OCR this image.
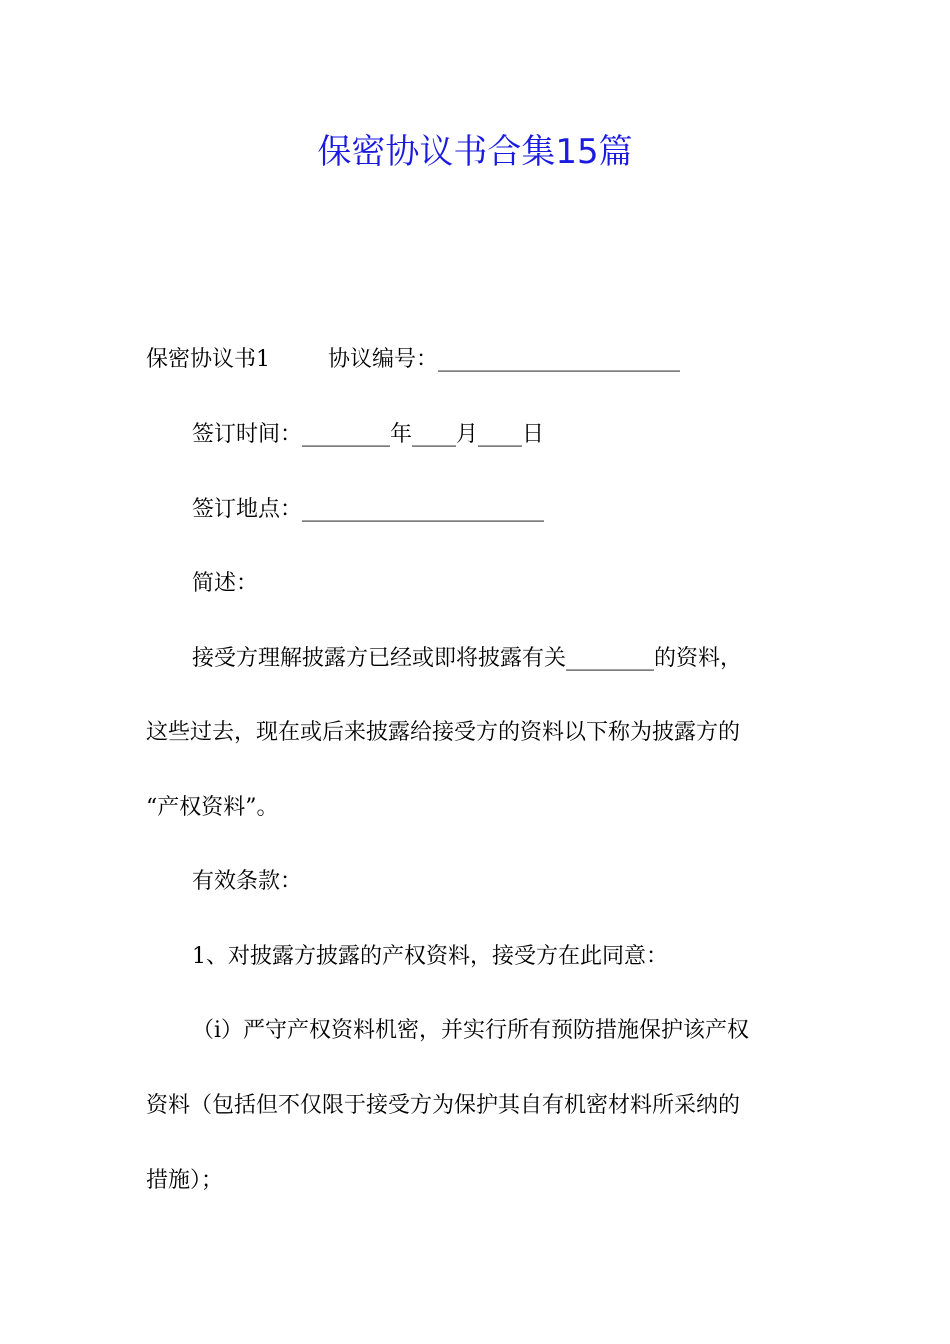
保密协议书合集15篇
保密协议书1	协议编号：______________________
签订时间：________年____月____日
签订地点：______________________
简述：
接受方理解披露方已经或即将披露有关________的资料，
这些过去，现在或后来披露给接受方的资料以下称为披露方的
“产权资料”。
有效条款：
1、对披露方披露的产权资料，接受方在此同意：
（i）严守产权资料机密，并实行所有预防措施保护该产权
资料（包括但不仅限于接受方为保护其自有机密材料所采纳的
措施）；
